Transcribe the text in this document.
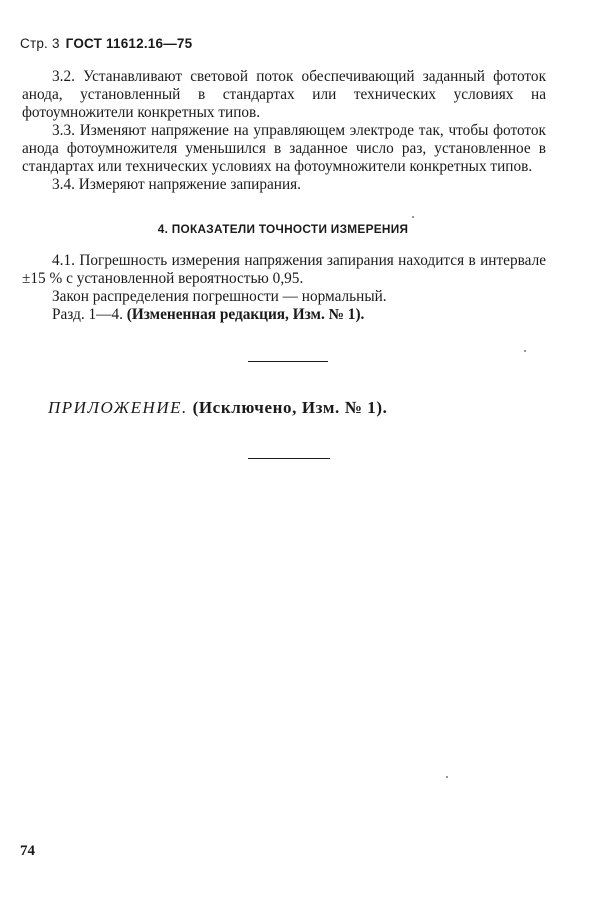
Стр. 3 ГОСТ 11612.16—75

3.2. Устанавливают световой поток обеспечивающий заданный фототок анода, установленный в стандартах или технических условиях на фотоумножители конкретных типов.

3.3. Изменяют напряжение на управляющем электроде так, чтобы фототок анода фотоумножителя уменьшился в заданное число раз, установленное в стандартах или технических условиях на фотоумножители конкретных типов.

3.4. Измеряют напряжение запирания.

4. ПОКАЗАТЕЛИ ТОЧНОСТИ ИЗМЕРЕНИЯ

4.1. Погрешность измерения напряжения запирания находится в интервале ±15 % с установленной вероятностью 0,95.

Закон распределения погрешности — нормальный.

Разд. 1—4. (Измененная редакция, Изм. № 1).

ПРИЛОЖЕНИЕ. (Исключено, Изм. № 1).
74
